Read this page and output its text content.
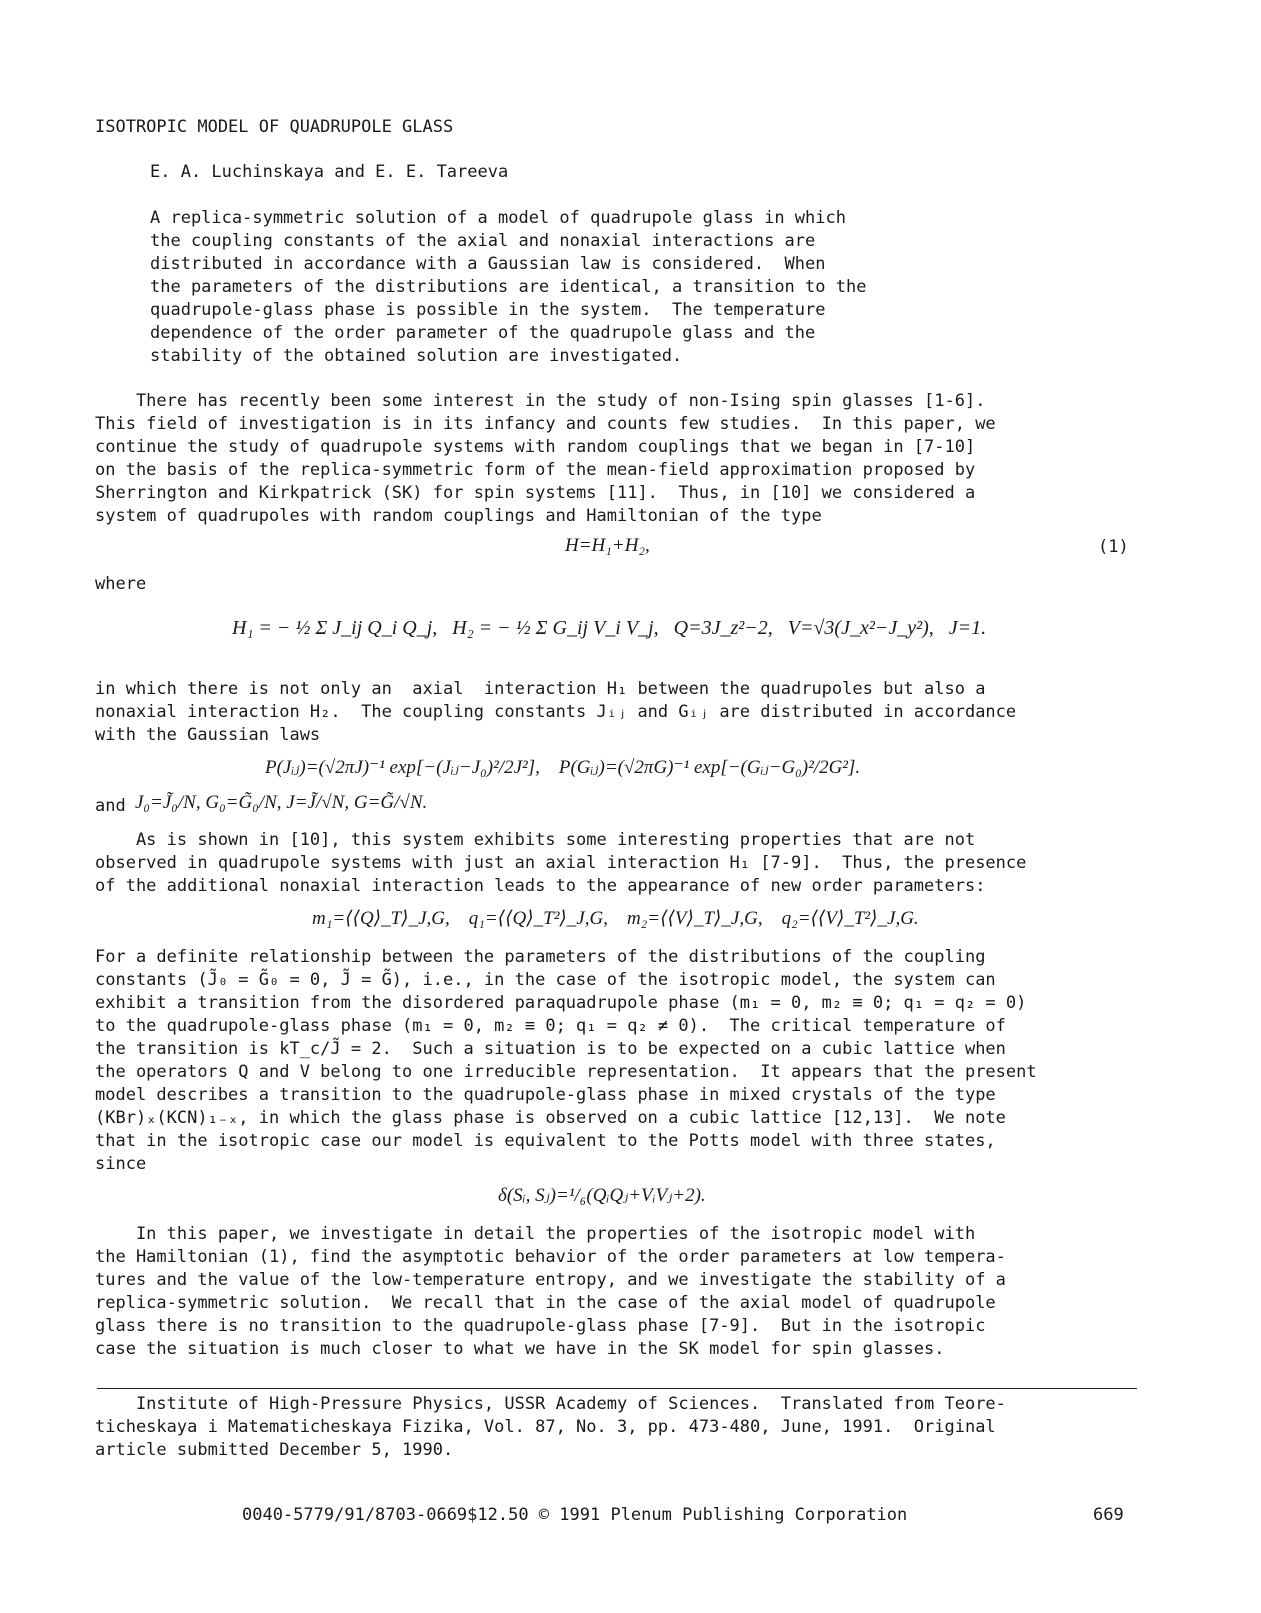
ISOTROPIC MODEL OF QUADRUPOLE GLASS
E. A. Luchinskaya and E. E. Tareeva
A replica-symmetric solution of a model of quadrupole glass in which
the coupling constants of the axial and nonaxial interactions are
distributed in accordance with a Gaussian law is considered.  When
the parameters of the distributions are identical, a transition to the
quadrupole-glass phase is possible in the system.  The temperature
dependence of the order parameter of the quadrupole glass and the
stability of the obtained solution are investigated.
There has recently been some interest in the study of non-Ising spin glasses [1-6].
This field of investigation is in its infancy and counts few studies.  In this paper, we
continue the study of quadrupole systems with random couplings that we began in [7-10]
on the basis of the replica-symmetric form of the mean-field approximation proposed by
Sherrington and Kirkpatrick (SK) for spin systems [11].  Thus, in [10] we considered a
system of quadrupoles with random couplings and Hamiltonian of the type
H=H₁+H₂,	(1)
where
H₁ = − ½ Σ J_ij Q_i Q_j,   H₂ = − ½ Σ G_ij V_i V_j,   Q=3J_z²−2,   V=√3(J_x²−J_y²),   J=1.
in which there is not only an  axial  interaction H₁ between the quadrupoles but also a
nonaxial interaction H₂.  The coupling constants Jᵢⱼ and Gᵢⱼ are distributed in accordance
with the Gaussian laws
P(Jᵢⱼ)=(√2πJ)⁻¹ exp[−(Jᵢⱼ−J₀)²/2J²],    P(Gᵢⱼ)=(√2πG)⁻¹ exp[−(Gᵢⱼ−G₀)²/2G²].
and J₀=J̃₀/N, G₀=G̃₀/N, J=J̃/√N, G=G̃/√N.
As is shown in [10], this system exhibits some interesting properties that are not
observed in quadrupole systems with just an axial interaction H₁ [7-9].  Thus, the presence
of the additional nonaxial interaction leads to the appearance of new order parameters:
m₁=⟨⟨Q⟩_T⟩_J,G,    q₁=⟨⟨Q⟩_T²⟩_J,G,    m₂=⟨⟨V⟩_T⟩_J,G,    q₂=⟨⟨V⟩_T²⟩_J,G.
For a definite relationship between the parameters of the distributions of the coupling
constants (J̃₀ = G̃₀ = 0, J̃ = G̃), i.e., in the case of the isotropic model, the system can
exhibit a transition from the disordered paraquadrupole phase (m₁ = 0, m₂ ≡ 0; q₁ = q₂ = 0)
to the quadrupole-glass phase (m₁ = 0, m₂ ≡ 0; q₁ = q₂ ≠ 0).  The critical temperature of
the transition is kT_c/J̃ = 2.  Such a situation is to be expected on a cubic lattice when
the operators Q and V belong to one irreducible representation.  It appears that the present
model describes a transition to the quadrupole-glass phase in mixed crystals of the type
(KBr)ₓ(KCN)₁₋ₓ, in which the glass phase is observed on a cubic lattice [12,13].  We note
that in the isotropic case our model is equivalent to the Potts model with three states,
since
δ(Sᵢ, Sⱼ)=¹/₆(QᵢQⱼ+VᵢVⱼ+2).
In this paper, we investigate in detail the properties of the isotropic model with
the Hamiltonian (1), find the asymptotic behavior of the order parameters at low tempera-
tures and the value of the low-temperature entropy, and we investigate the stability of a
replica-symmetric solution.  We recall that in the case of the axial model of quadrupole
glass there is no transition to the quadrupole-glass phase [7-9].  But in the isotropic
case the situation is much closer to what we have in the SK model for spin glasses.
Institute of High-Pressure Physics, USSR Academy of Sciences.  Translated from Teore-
ticheskaya i Matematicheskaya Fizika, Vol. 87, No. 3, pp. 473-480, June, 1991.  Original
article submitted December 5, 1990.
0040-5779/91/8703-0669$12.50 © 1991 Plenum Publishing Corporation	669
